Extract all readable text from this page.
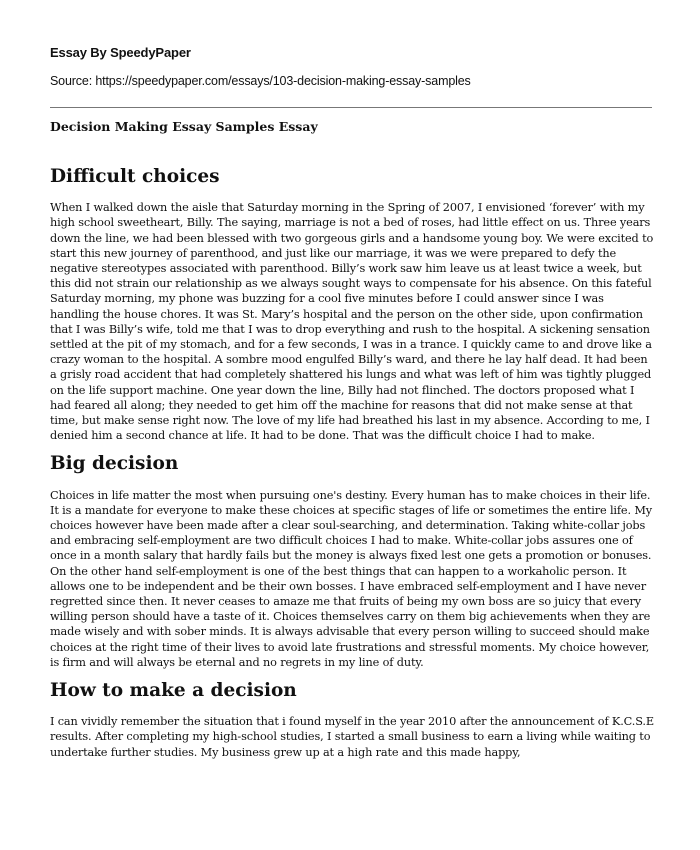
Essay By SpeedyPaper

Source: https://speedypaper.com/essays/103-decision-making-essay-samples

Decision Making Essay Samples Essay
Difficult choices

When I walked down the aisle that Saturday morning in the Spring of 2007, I envisioned ‘forever’ with my high school sweetheart, Billy. The saying, marriage is not a bed of roses, had little effect on us. Three years down the line, we had been blessed with two gorgeous girls and a handsome young boy. We were excited to start this new journey of parenthood, and just like our marriage, it was we were prepared to defy the negative stereotypes associated with parenthood. Billy’s work saw him leave us at least twice a week, but this did not strain our relationship as we always sought ways to compensate for his absence. On this fateful Saturday morning, my phone was buzzing for a cool five minutes before I could answer since I was handling the house chores. It was St. Mary’s hospital and the person on the other side, upon confirmation that I was Billy’s wife, told me that I was to drop everything and rush to the hospital. A sickening sensation settled at the pit of my stomach, and for a few seconds, I was in a trance. I quickly came to and drove like a crazy woman to the hospital. A sombre mood engulfed Billy’s ward, and there he lay half dead. It had been a grisly road accident that had completely shattered his lungs and what was left of him was tightly plugged on the life support machine. One year down the line, Billy had not flinched. The doctors proposed what I had feared all along; they needed to get him off the machine for reasons that did not make sense at that time, but make sense right now. The love of my life had breathed his last in my absence. According to me, I denied him a second chance at life. It had to be done. That was the difficult choice I had to make.

Big decision

Choices in life matter the most when pursuing one's destiny. Every human has to make choices in their life. It is a mandate for everyone to make these choices at specific stages of life or sometimes the entire life. My choices however have been made after a clear soul-searching, and determination. Taking white-collar jobs and embracing self-employment are two difficult choices I had to make. White-collar jobs assures one of once in a month salary that hardly fails but the money is always fixed lest one gets a promotion or bonuses. On the other hand self-employment is one of the best things that can happen to a workaholic person. It allows one to be independent and be their own bosses. I have embraced self-employment and I have never regretted since then. It never ceases to amaze me that fruits of being my own boss are so juicy that every willing person should have a taste of it. Choices themselves carry on them big achievements when they are made wisely and with sober minds. It is always advisable that every person willing to succeed should make choices at the right time of their lives to avoid late frustrations and stressful moments. My choice however, is firm and will always be eternal and no regrets in my line of duty.

How to make a decision

I can vividly remember the situation that i found myself in the year 2010 after the announcement of K.C.S.E results. After completing my high-school studies, I started a small business to earn a living while waiting to undertake further studies. My business grew up at a high rate and this made happy,
